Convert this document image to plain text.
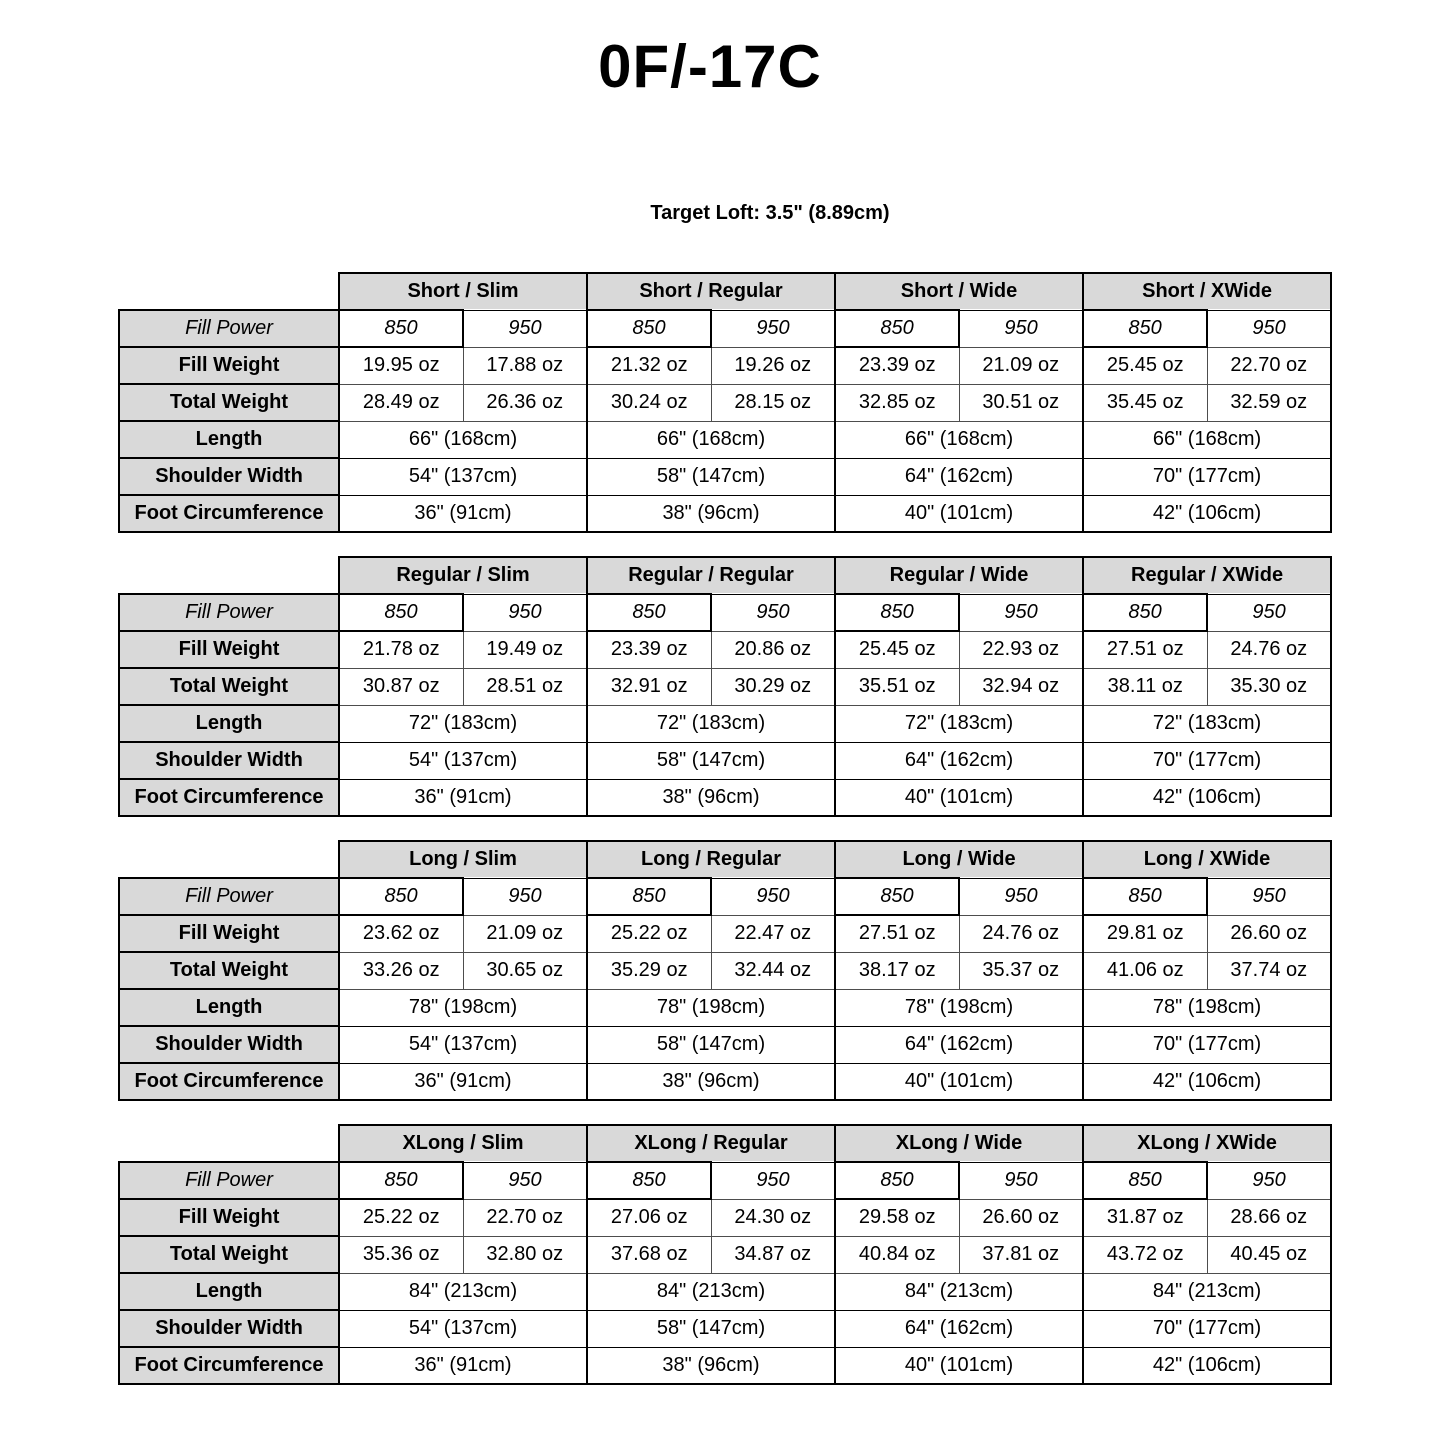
0F/-17C
Target Loft: 3.5" (8.89cm)
	Short / Slim		Short / Regular		Short / Wide		Short / XWide	
Fill Power	850	950	850	950	850	950	850	950
Fill Weight	19.95 oz	17.88 oz	21.32 oz	19.26 oz	23.39 oz	21.09 oz	25.45 oz	22.70 oz
Total Weight	28.49 oz	26.36 oz	30.24 oz	28.15 oz	32.85 oz	30.51 oz	35.45 oz	32.59 oz
Length	66" (168cm)		66" (168cm)		66" (168cm)		66" (168cm)	
Shoulder Width	54" (137cm)		58" (147cm)		64" (162cm)		70" (177cm)	
Foot Circumference	36" (91cm)		38" (96cm)		40" (101cm)		42" (106cm)	
	Regular / Slim		Regular / Regular		Regular / Wide		Regular / XWide	
Fill Power	850	950	850	950	850	950	850	950
Fill Weight	21.78 oz	19.49 oz	23.39 oz	20.86 oz	25.45 oz	22.93 oz	27.51 oz	24.76 oz
Total Weight	30.87 oz	28.51 oz	32.91 oz	30.29 oz	35.51 oz	32.94 oz	38.11 oz	35.30 oz
Length	72" (183cm)		72" (183cm)		72" (183cm)		72" (183cm)	
Shoulder Width	54" (137cm)		58" (147cm)		64" (162cm)		70" (177cm)	
Foot Circumference	36" (91cm)		38" (96cm)		40" (101cm)		42" (106cm)	
	Long / Slim		Long / Regular		Long / Wide		Long / XWide	
Fill Power	850	950	850	950	850	950	850	950
Fill Weight	23.62 oz	21.09 oz	25.22 oz	22.47 oz	27.51 oz	24.76 oz	29.81 oz	26.60 oz
Total Weight	33.26 oz	30.65 oz	35.29 oz	32.44 oz	38.17 oz	35.37 oz	41.06 oz	37.74 oz
Length	78" (198cm)		78" (198cm)		78" (198cm)		78" (198cm)	
Shoulder Width	54" (137cm)		58" (147cm)		64" (162cm)		70" (177cm)	
Foot Circumference	36" (91cm)		38" (96cm)		40" (101cm)		42" (106cm)	
	XLong / Slim		XLong / Regular		XLong / Wide		XLong / XWide	
Fill Power	850	950	850	950	850	950	850	950
Fill Weight	25.22 oz	22.70 oz	27.06 oz	24.30 oz	29.58 oz	26.60 oz	31.87 oz	28.66 oz
Total Weight	35.36 oz	32.80 oz	37.68 oz	34.87 oz	40.84 oz	37.81 oz	43.72 oz	40.45 oz
Length	84" (213cm)		84" (213cm)		84" (213cm)		84" (213cm)	
Shoulder Width	54" (137cm)		58" (147cm)		64" (162cm)		70" (177cm)	
Foot Circumference	36" (91cm)		38" (96cm)		40" (101cm)		42" (106cm)	
